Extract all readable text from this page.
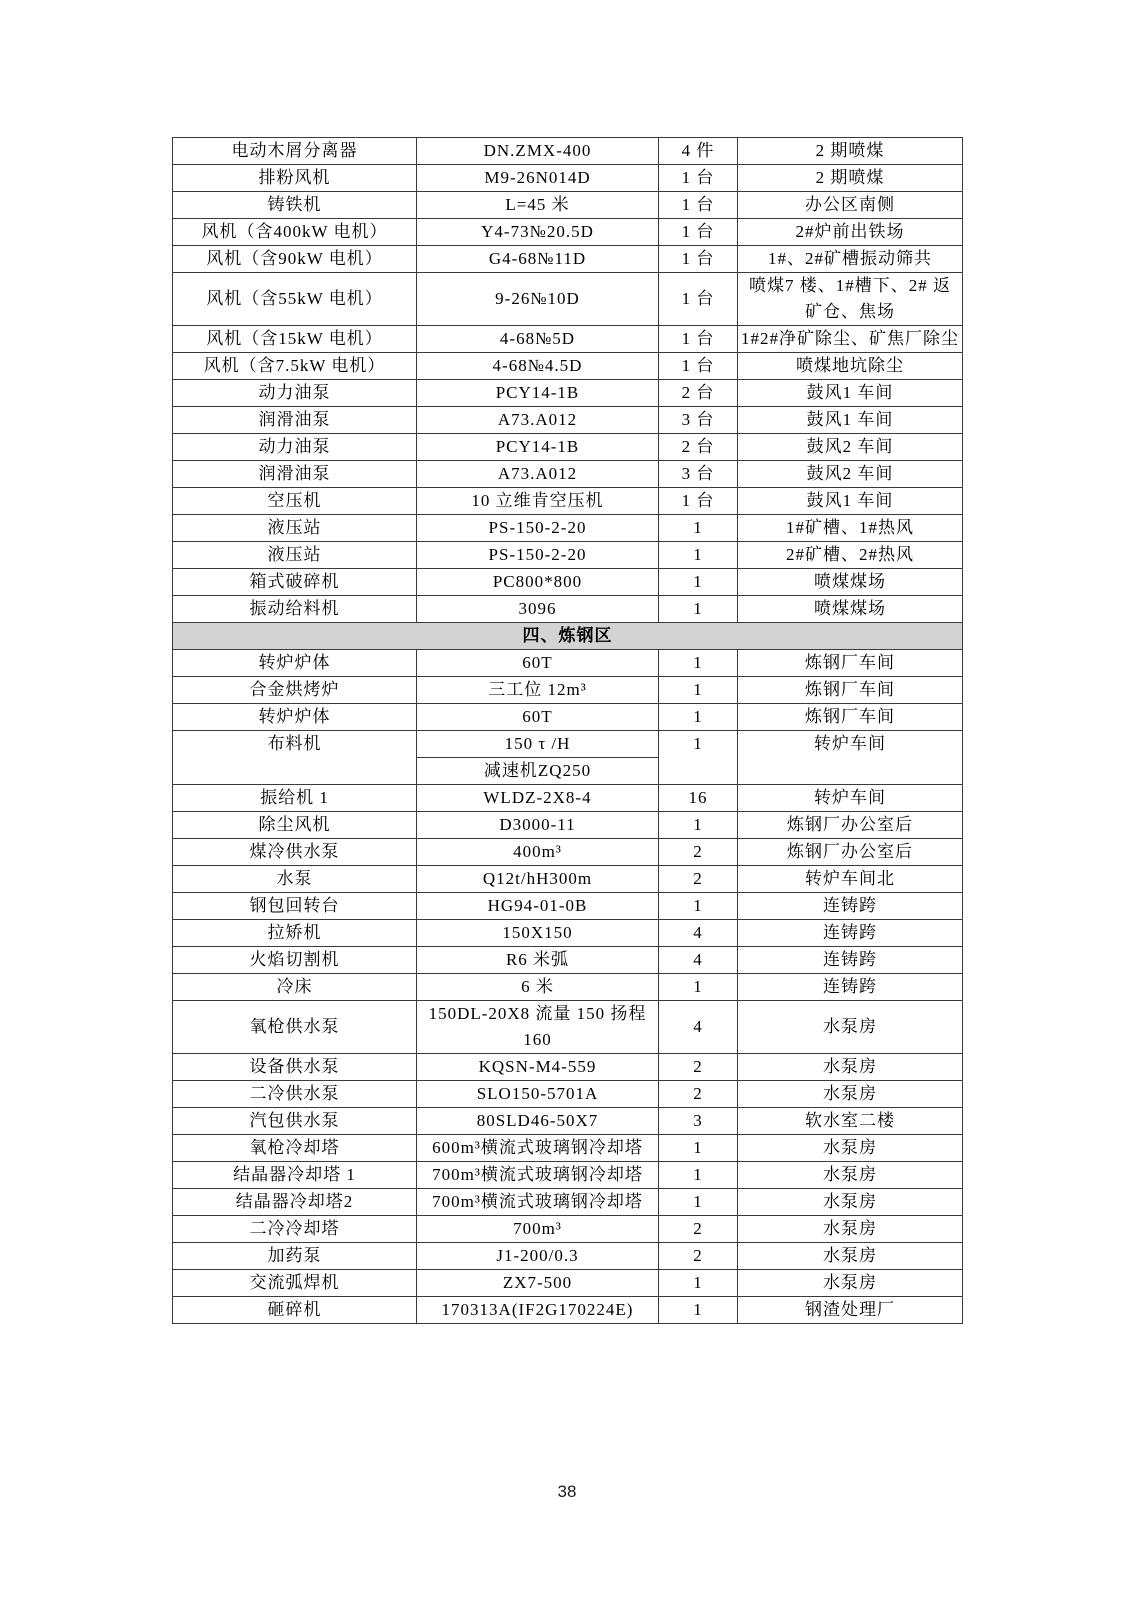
电动木屑分离器	DN.ZMX-400	4 件	2 期喷煤
排粉风机	M9-26N014D	1 台	2 期喷煤
铸铁机	L=45 米	1 台	办公区南侧
风机（含400kW 电机）	Y4-73№20.5D	1 台	2#炉前出铁场
风机（含90kW 电机）	G4-68№11D	1 台	1#、2#矿槽振动筛共
风机（含55kW 电机）	9-26№10D	1 台	喷煤7 楼、1#槽下、2# 返矿仓、焦场
风机（含15kW 电机）	4-68№5D	1 台	1#2#净矿除尘、矿焦厂除尘
风机（含7.5kW 电机）	4-68№4.5D	1 台	喷煤地坑除尘
动力油泵	PCY14-1B	2 台	鼓风1 车间
润滑油泵	A73.A012	3 台	鼓风1 车间
动力油泵	PCY14-1B	2 台	鼓风2 车间
润滑油泵	A73.A012	3 台	鼓风2 车间
空压机	10 立维肯空压机	1 台	鼓风1 车间
液压站	PS-150-2-20	1	1#矿槽、1#热风
液压站	PS-150-2-20	1	2#矿槽、2#热风
箱式破碎机	PC800*800	1	喷煤煤场
振动给料机	3096	1	喷煤煤场
四、炼钢区			
转炉炉体	60T	1	炼钢厂车间
合金烘烤炉	三工位 12m³	1	炼钢厂车间
转炉炉体	60T	1	炼钢厂车间
布料机	150 τ /H	1	转炉车间
	减速机ZQ250		
振给机 1	WLDZ-2X8-4	16	转炉车间
除尘风机	D3000-11	1	炼钢厂办公室后
煤冷供水泵	400m³	2	炼钢厂办公室后
水泵	Q12t/hH300m	2	转炉车间北
钢包回转台	HG94-01-0B	1	连铸跨
拉矫机	150X150	4	连铸跨
火焰切割机	R6 米弧	4	连铸跨
冷床	6 米	1	连铸跨
氧枪供水泵	150DL-20X8 流量 150 扬程 160	4	水泵房
设备供水泵	KQSN-M4-559	2	水泵房
二冷供水泵	SLO150-5701A	2	水泵房
汽包供水泵	80SLD46-50X7	3	软水室二楼
氧枪冷却塔	600m³横流式玻璃钢冷却塔	1	水泵房
结晶器冷却塔 1	700m³横流式玻璃钢冷却塔	1	水泵房
结晶器冷却塔2	700m³横流式玻璃钢冷却塔	1	水泵房
二冷冷却塔	700m³	2	水泵房
加药泵	J1-200/0.3	2	水泵房
交流弧焊机	ZX7-500	1	水泵房
砸碎机	170313A(IF2G170224E)	1	钢渣处理厂
38
